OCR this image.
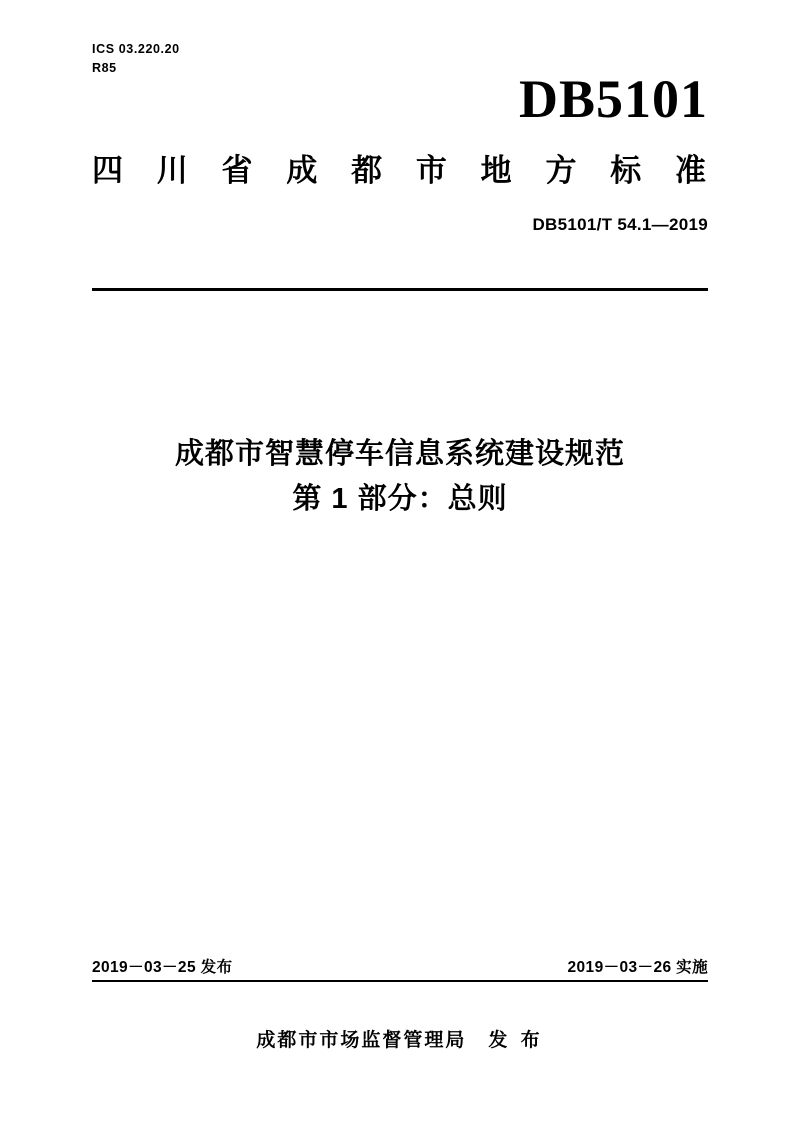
ICS 03.220.20
R85
DB5101
四川省成都市地方标准
DB5101/T 54.1—2019
成都市智慧停车信息系统建设规范
第 1 部分：总则
2019－03－25 发布	2019－03－26 实施
成都市市场监督管理局 发 布
